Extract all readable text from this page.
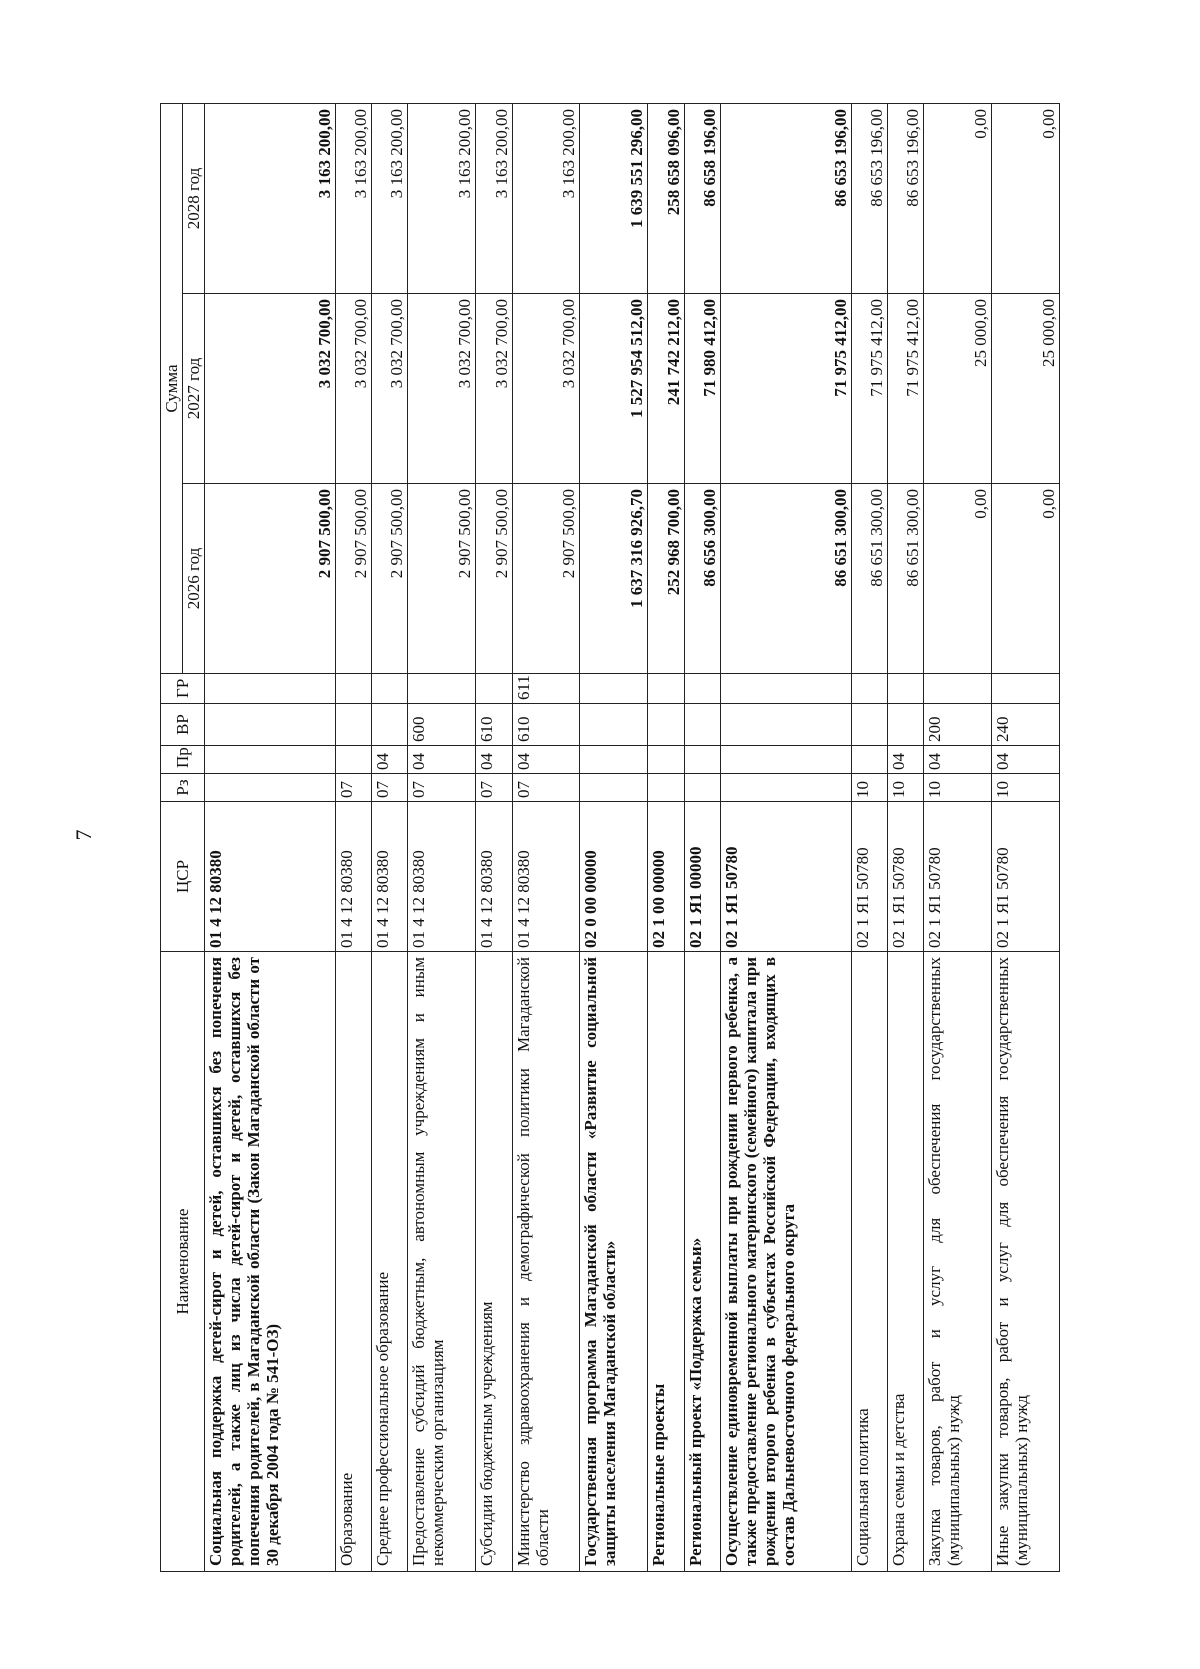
7
Наименование	ЦСР	Рз	Пр	ВР	ГР	Сумма		
						2026 год	2027 год	2028 год
Социальная поддержка детей-сирот и детей, оставшихся без попечения родителей, а также лиц из числа детей-сирот и детей, оставшихся без попечения родителей, в Магаданской области (Закон Магаданской области от 30 декабря 2004 года № 541-ОЗ)	01 4 12 80380					2 907 500,00	3 032 700,00	3 163 200,00
Образование	01 4 12 80380	07				2 907 500,00	3 032 700,00	3 163 200,00
Среднее профессиональное образование	01 4 12 80380	07	04			2 907 500,00	3 032 700,00	3 163 200,00
Предоставление субсидий бюджетным, автономным учреждениям и иным некоммерческим организациям	01 4 12 80380	07	04	600		2 907 500,00	3 032 700,00	3 163 200,00
Субсидии бюджетным учреждениям	01 4 12 80380	07	04	610		2 907 500,00	3 032 700,00	3 163 200,00
Министерство здравоохранения и демографической политики Магаданской области	01 4 12 80380	07	04	610	611	2 907 500,00	3 032 700,00	3 163 200,00
Государственная программа Магаданской области «Развитие социальной защиты населения Магаданской области»	02 0 00 00000					1 637 316 926,70	1 527 954 512,00	1 639 551 296,00
Региональные проекты	02 1 00 00000					252 968 700,00	241 742 212,00	258 658 096,00
Региональный проект «Поддержка семьи»	02 1 Я1 00000					86 656 300,00	71 980 412,00	86 658 196,00
Осуществление единовременной выплаты при рождении первого ребенка, а также предоставление регионального материнского (семейного) капитала при рождении второго ребенка в субъектах Российской Федерации, входящих в состав Дальневосточного федерального округа	02 1 Я1 50780					86 651 300,00	71 975 412,00	86 653 196,00
Социальная политика	02 1 Я1 50780	10				86 651 300,00	71 975 412,00	86 653 196,00
Охрана семьи и детства	02 1 Я1 50780	10	04			86 651 300,00	71 975 412,00	86 653 196,00
Закупка товаров, работ и услуг для обеспечения государственных (муниципальных) нужд	02 1 Я1 50780	10	04	200		0,00	25 000,00	0,00
Иные закупки товаров, работ и услуг для обеспечения государственных (муниципальных) нужд	02 1 Я1 50780	10	04	240		0,00	25 000,00	0,00
